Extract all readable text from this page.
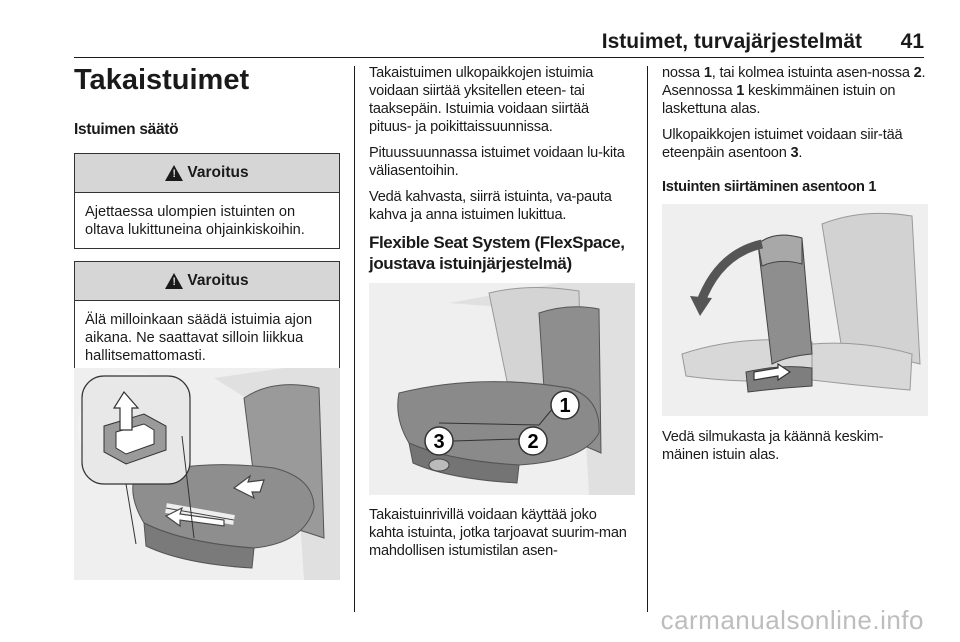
Istuimet, turvajärjestelmät 41
Takaistuimet
Istuimen säätö
!
Varoitus
Ajettaessa ulompien istuinten on oltava lukittuneina ohjainkiskoihin.
!
Varoitus
Älä milloinkaan säädä istuimia ajon aikana. Ne saattavat silloin liikkua hallitsemattomasti.

Takaistuimen ulkopaikkojen istuimia voidaan siirtää yksitellen eteen- tai taaksepäin. Istuimia voidaan siirtää pituus- ja poikittaissuunnissa.

Pituussuunnassa istuimet voidaan lu-kita väliasentoihin.

Vedä kahvasta, siirrä istuinta, va-pauta kahva ja anna istuimen lukittua.

Flexible Seat System (FlexSpace, joustava istuinjärjestelmä)
1
2
3

Takaistuinrivillä voidaan käyttää joko kahta istuinta, jotka tarjoavat suurim-man mahdollisen istumistilan asen-

nossa 1, tai kolmea istuinta asen-nossa 2. Asennossa 1 keskimmäinen istuin on laskettuna alas.

Ulkopaikkojen istuimet voidaan siir-tää eteenpäin asentoon 3.

Istuinten siirtäminen asentoon 1

Vedä silmukasta ja käännä keskim-mäinen istuin alas.

carmanualsonline.info
